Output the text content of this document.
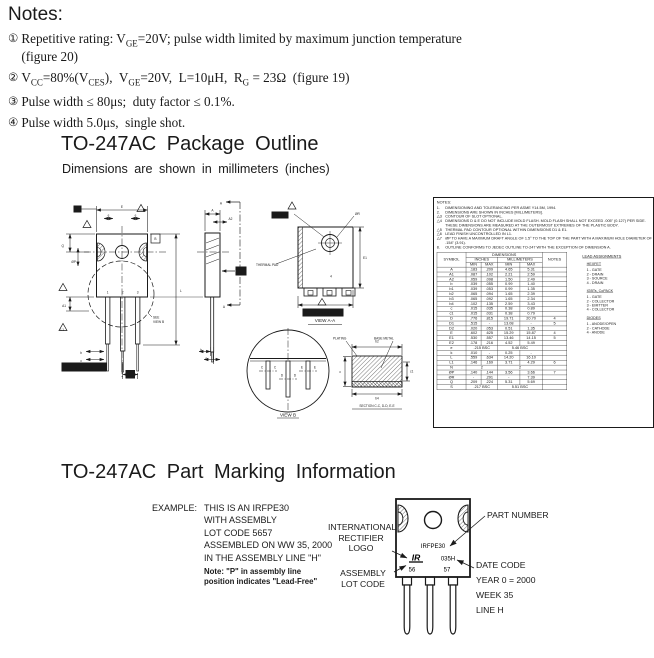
Notes:
① Repetitive rating: $V_{GE}=20V$; pulse width limited by maximum junction temperature
(figure 20)
② $V_{CC}=80\%(V_{CES})$,  $V_{GE}=20V$,  L=10μH,  $R_G = 23\Omega$  (figure 19)
③ Pulse width ≤ 80μs;  duty factor ≤ 0.1%.
④ Pulse width 5.0μs,  single shot.
TO-247AC Package Outline
Dimensions are shown in millimeters (inches)
VIEW A-A
VIEW B
SECTION C-C, D-D, E-E
PLATING	BASE METAL
SEE
VIEW B
THERMAL PAD
E
e	e
B
Q
ØP
A1
L
b
c
L1
1	2	3
Ø.010 M A B
e
A
A2
A
A
Q
b
c
ØR
ØP MAX
4
E1
Ø.010 M A B
C	C
D	D
E	E
c	c1
b2
b4
IRFPE30
IR	035H
56	57
NOTES:
1. DIMENSIONING AND TOLERANCING PER ASME Y14.5M, 1994.
2. DIMENSIONS ARE SHOWN IN INCHES [MILLIMETERS].
△3 CONTOUR OF SLOT OPTIONAL.
△4 DIMENSIONS D & E DO NOT INCLUDE MOLD FLASH. MOLD FLASH SHALL NOT EXCEED .005" (0.127) PER SIDE. THESE DIMENSIONS ARE MEASURED AT THE OUTERMOST EXTREMES OF THE PLASTIC BODY.
△5 THERMAL PAD CONTOUR OPTIONAL WITHIN DIMENSIONS D1 & E1.
△6 LEAD FINISH UNCONTROLLED IN L1.
△7 ØP TO HAVE A MAXIMUM DRAFT ANGLE OF 1.5° TO THE TOP OF THE PART WITH A MAXIMUM HOLE DIAMETER OF .154" (3.91).
8. OUTLINE CONFORMS TO JEDEC OUTLINE TO-247 WITH THE EXCEPTION OF DIMENSION A.
SYMBOL	DIMENSIONS				NOTES
	INCHES		MILLIMETERS		
	MIN	MAX	MIN	MAX	
A	.183	.209	4.65	5.31	
A1	.087	.102	2.21	2.59	
A2	.059	.098	1.50	2.49	
b	.039	.055	0.99	1.40	
b1	.039	.053	0.99	1.35	
b2	.065	.094	1.65	2.39	
b3	.065	.092	1.65	2.34	
b4	.102	.135	2.59	3.43	
c	.015	.035	0.38	0.89	
c1	.015	.031	0.38	0.79	
D	.776	.815	19.71	20.70	4
D1	.515	-	13.08	-	5
D2	.020	.053	0.51	1.35	
E	.602	.625	15.29	15.87	4
E1	.530	.557	13.46	14.15	5
E2	.178	.216	4.52	5.49	
e	.215 BSC		5.46 BSC		
k	.010	-	0.25	-	
L	.559	.634	14.20	16.10	
L1	.146	.169	3.71	4.29	6
N	2		2		
ØP	.140	.144	3.56	3.66	7
ØR	-	.291	-	7.39	
Q	.209	.224	5.31	5.69	
S	.217 BSC		5.51 BSC		
LEAD ASSIGNMENTS
HEXFET
1 - GATE
2 - DRAIN
3 - SOURCE
4 - DRAIN
IGBTs, CoPACK
1 - GATE
2 - COLLECTOR
3 - EMITTER
4 - COLLECTOR
DIODES
1 - ANODE/OPEN
2 - CATHODE
4 - ANODE
TO-247AC Part Marking Information
EXAMPLE: THIS IS AN IRFPE30
WITH ASSEMBLY
LOT CODE 5657
ASSEMBLED ON WW 35, 2000
IN THE ASSEMBLY LINE "H"
Note: "P" in assembly line
position indicates "Lead-Free"
INTERNATIONAL
RECTIFIER
LOGO
ASSEMBLY
LOT CODE
PART NUMBER
DATE CODE
YEAR 0 = 2000
WEEK 35
LINE H
